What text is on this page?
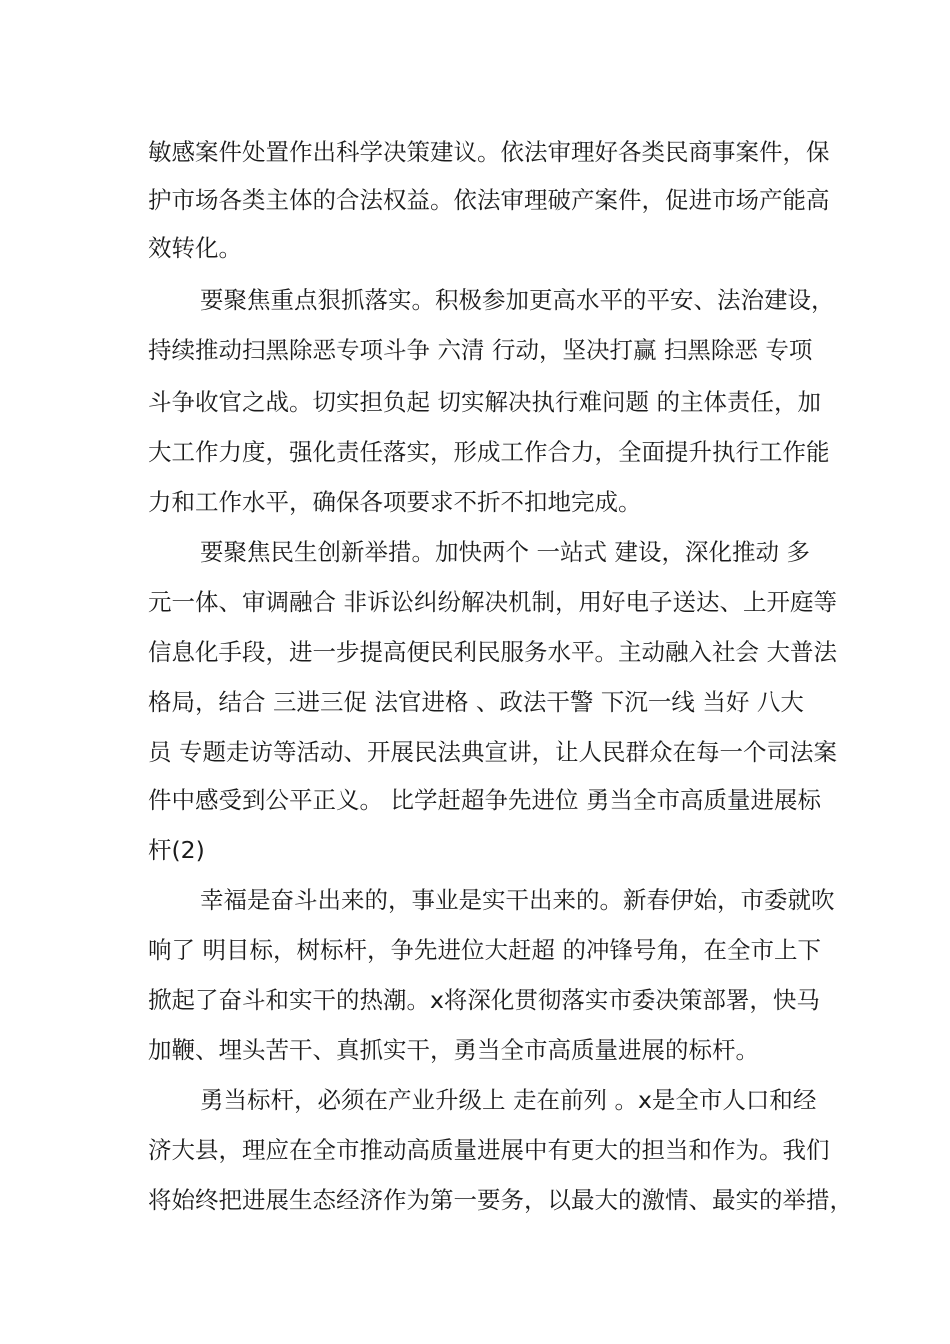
敏感案件处置作出科学决策建议。依法审理好各类民商事案件，保

护市场各类主体的合法权益。依法审理破产案件，促进市场产能高

效转化。

要聚焦重点狠抓落实。积极参加更高水平的平安、法治建设，

持续推动扫黑除恶专项斗争 六清 行动，坚决打赢 扫黑除恶 专项

斗争收官之战。切实担负起 切实解决执行难问题 的主体责任，加

大工作力度，强化责任落实，形成工作合力，全面提升执行工作能

力和工作水平，确保各项要求不折不扣地完成。

要聚焦民生创新举措。加快两个 一站式 建设，深化推动 多

元一体、审调融合 非诉讼纠纷解决机制，用好电子送达、上开庭等

信息化手段，进一步提高便民利民服务水平。主动融入社会 大普法

格局，结合 三进三促 法官进格 、政法干警 下沉一线 当好 八大

员 专题走访等活动、开展民法典宣讲，让人民群众在每一个司法案

件中感受到公平正义。 比学赶超争先进位 勇当全市高质量进展标

杆(2)

幸福是奋斗出来的，事业是实干出来的。新春伊始，市委就吹

响了 明目标，树标杆，争先进位大赶超 的冲锋号角，在全市上下

掀起了奋斗和实干的热潮。x将深化贯彻落实市委决策部署，快马

加鞭、埋头苦干、真抓实干，勇当全市高质量进展的标杆。

勇当标杆，必须在产业升级上 走在前列 。x是全市人口和经

济大县，理应在全市推动高质量进展中有更大的担当和作为。我们

将始终把进展生态经济作为第一要务，以最大的激情、最实的举措，
